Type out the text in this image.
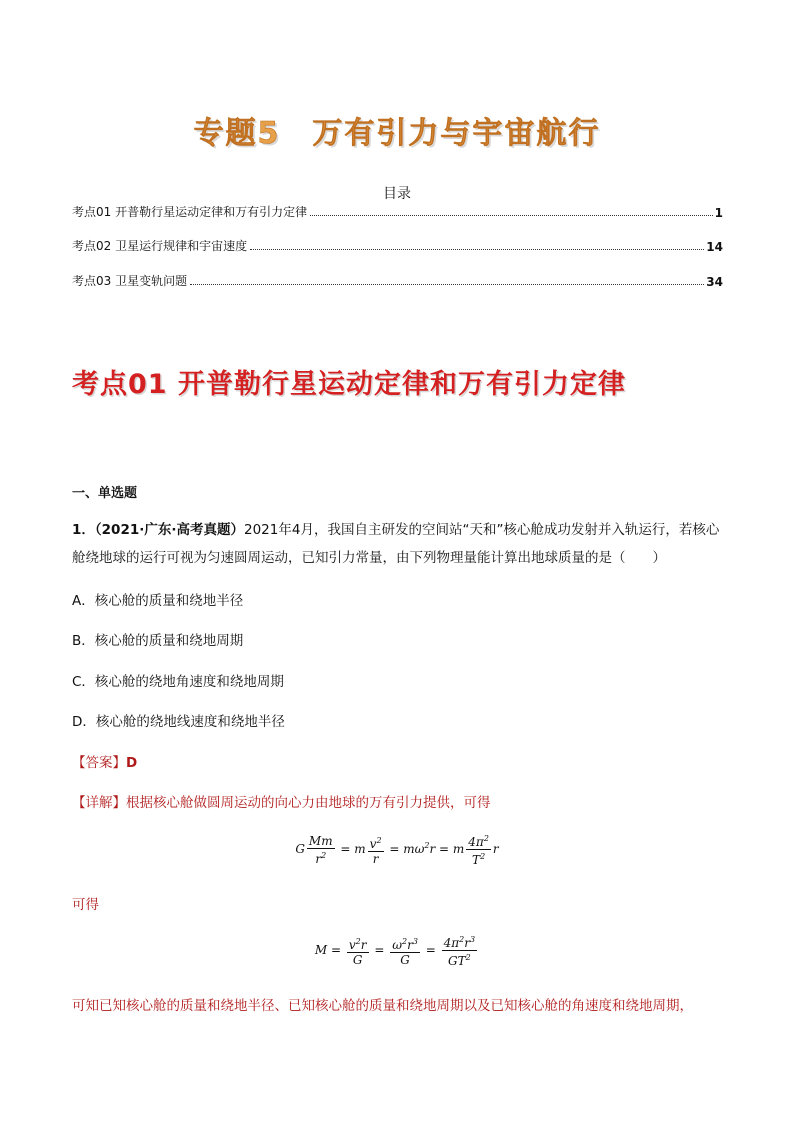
专题5　万有引力与宇宙航行
目录
考点01 开普勒行星运动定律和万有引力定律	1
考点02 卫星运行规律和宇宙速度	14
考点03 卫星变轨问题	34
考点01 开普勒行星运动定律和万有引力定律
一、单选题
1．（2021·广东·高考真题）2021年4月，我国自主研发的空间站“天和”核心舱成功发射并入轨运行，若核心舱绕地球的运行可视为匀速圆周运动，已知引力常量，由下列物理量能计算出地球质量的是（　　）
A．核心舱的质量和绕地半径
B．核心舱的质量和绕地周期
C．核心舱的绕地角速度和绕地周期
D．核心舱的绕地线速度和绕地半径
【答案】D
【详解】根据核心舱做圆周运动的向心力由地球的万有引力提供，可得
G $\frac{Mm}{r^2} = m \frac{v^2}{r} = m\omega^2r = m \frac{4\pi^2}{T^2}$ r
可得
$M = \frac{v^2r}{G} = \frac{\omega^2r^3}{G} = \frac{4\pi^2r^3}{GT^2}$
可知已知核心舱的质量和绕地半径、已知核心舱的质量和绕地周期以及已知核心舱的角速度和绕地周期，
